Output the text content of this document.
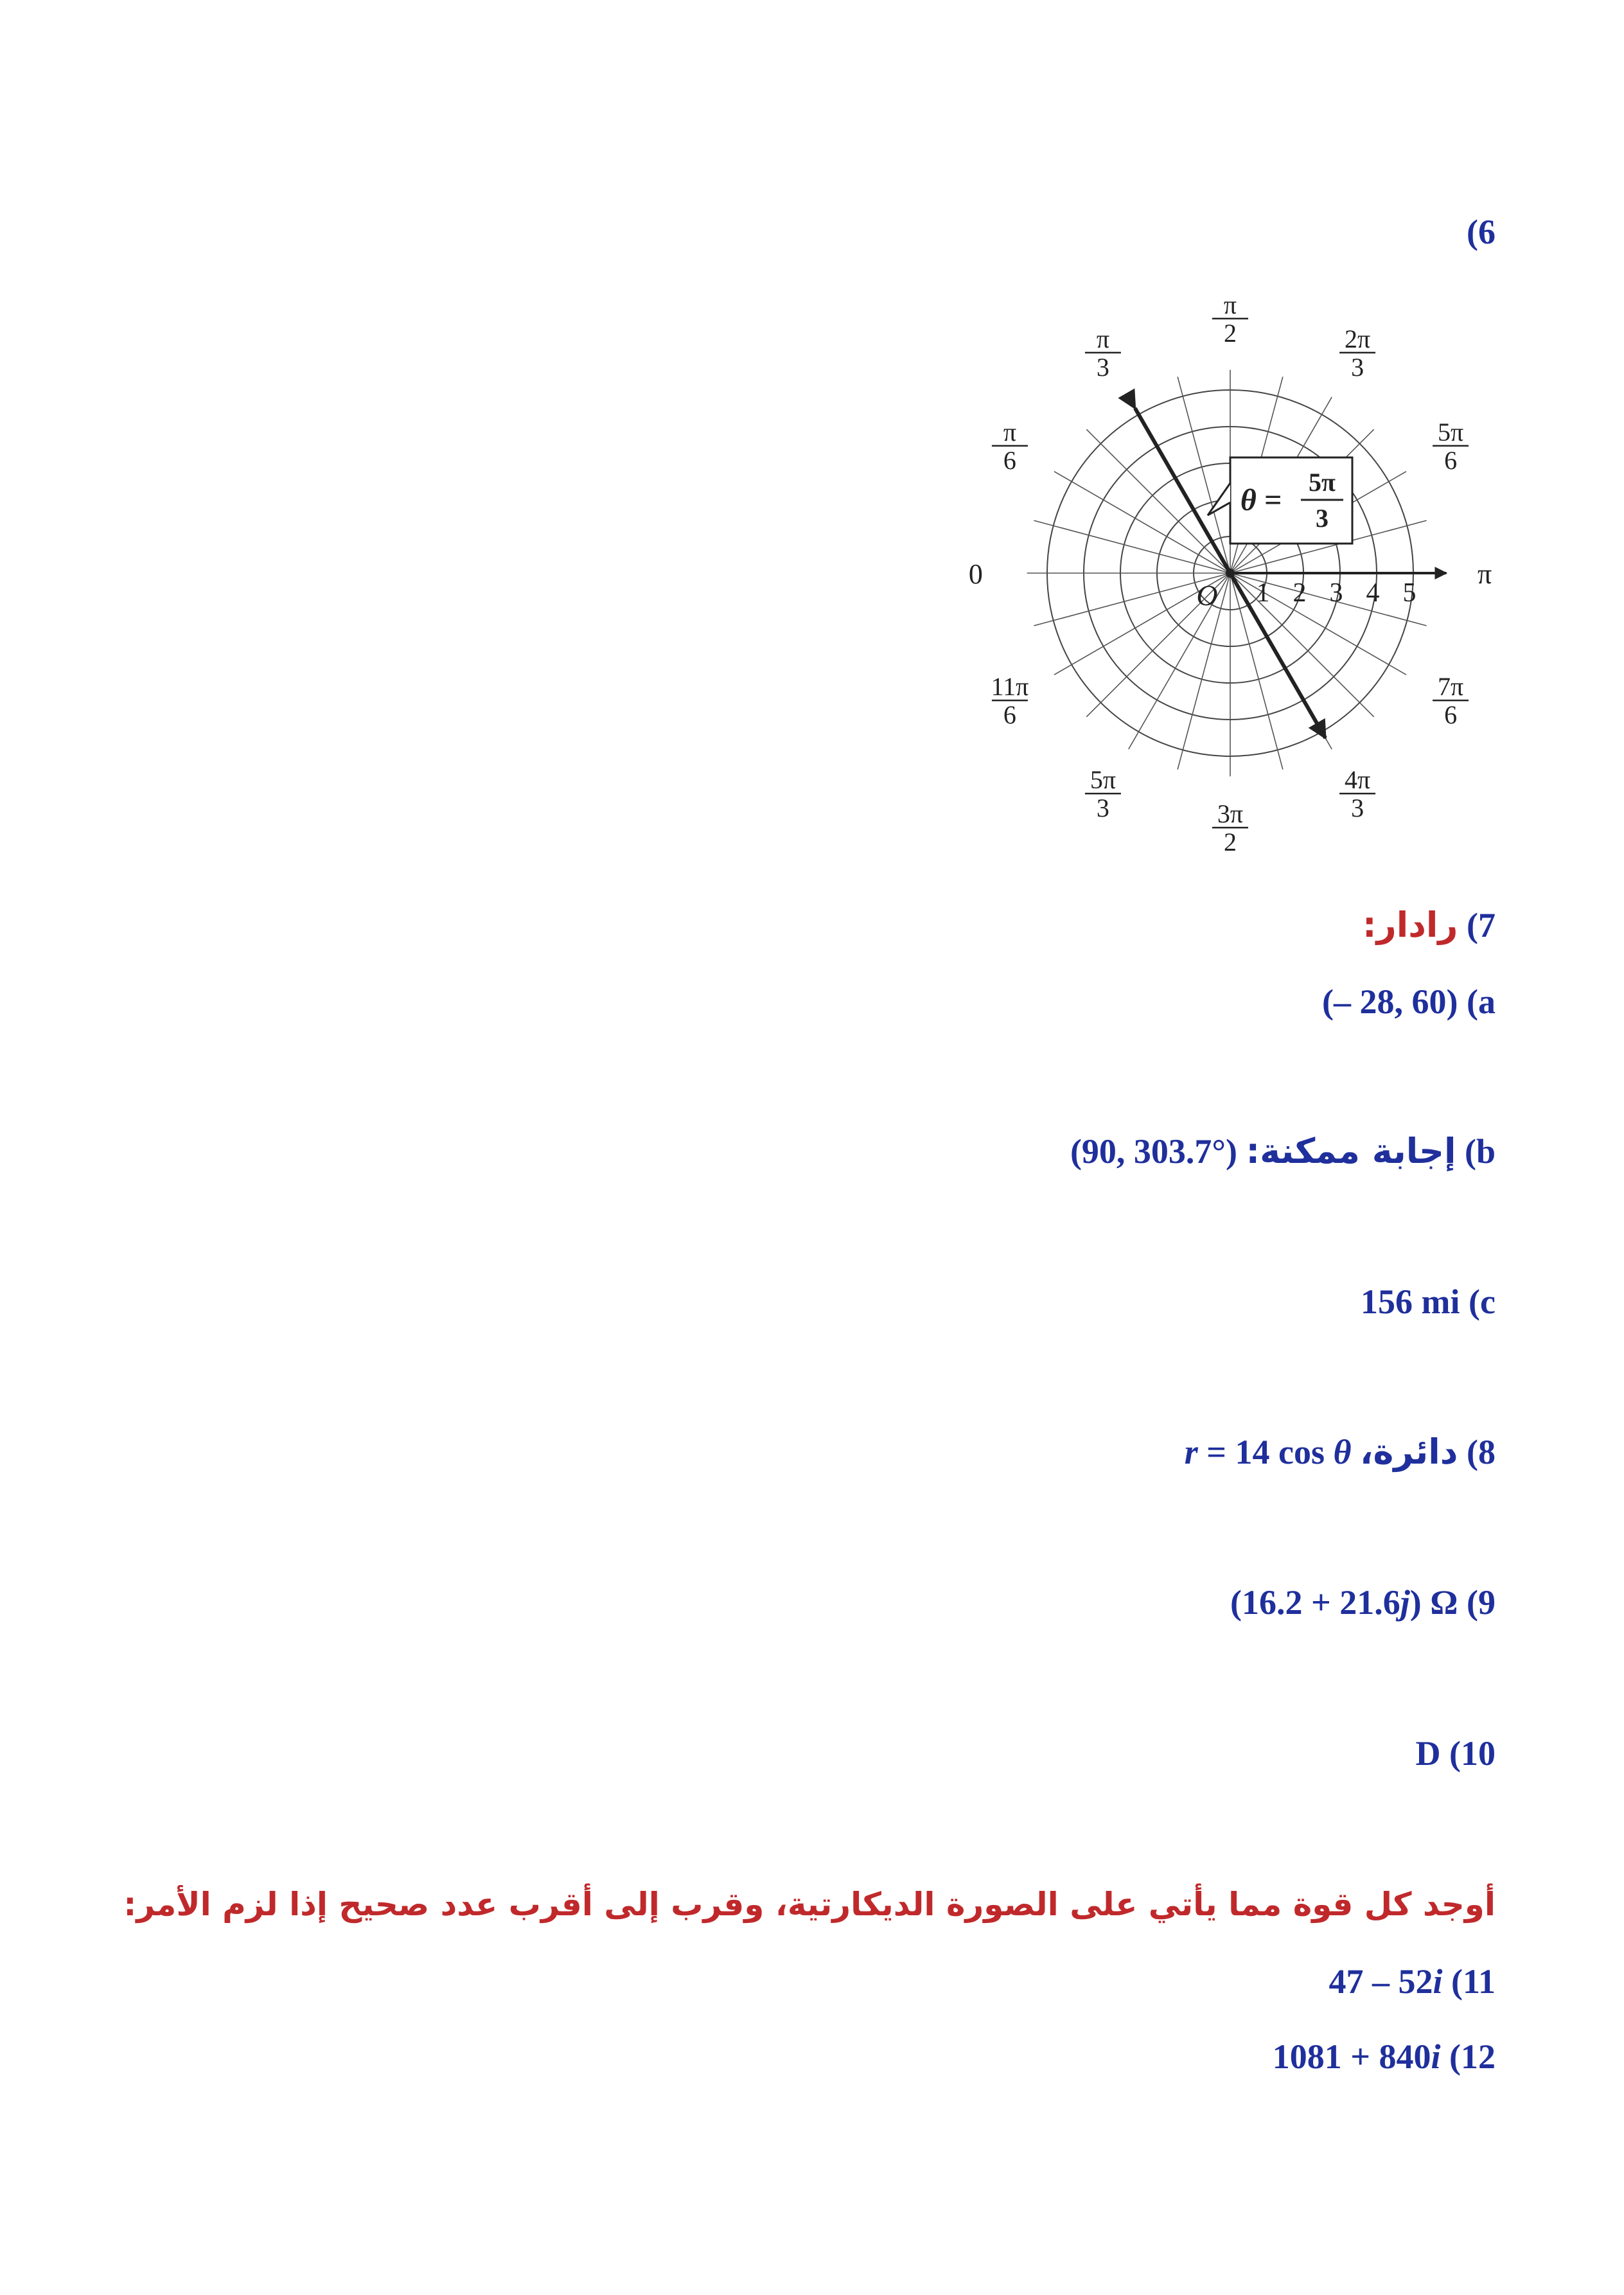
(6
π
2
π
3
π
6
0
11π
6
5π
3	3π
2
4π
3
7π
6
π
5π
6
2π
3
1 2 3 4 5
O
θ =
5π
3
7) رادار:
(– 28, 60) (a
b) إجابة ممكنة: (90, 303.7°)
156 mi (c
8) دائرة، r = 14 cos θ
(16.2 + 21.6j) Ω (9
D (10
أوجد كل قوة مما يأتي على الصورة الديكارتية، وقرب إلى أقرب عدد صحيح إذا لزم الأمر:
47 – 52i (11
1081 + 840i (12
